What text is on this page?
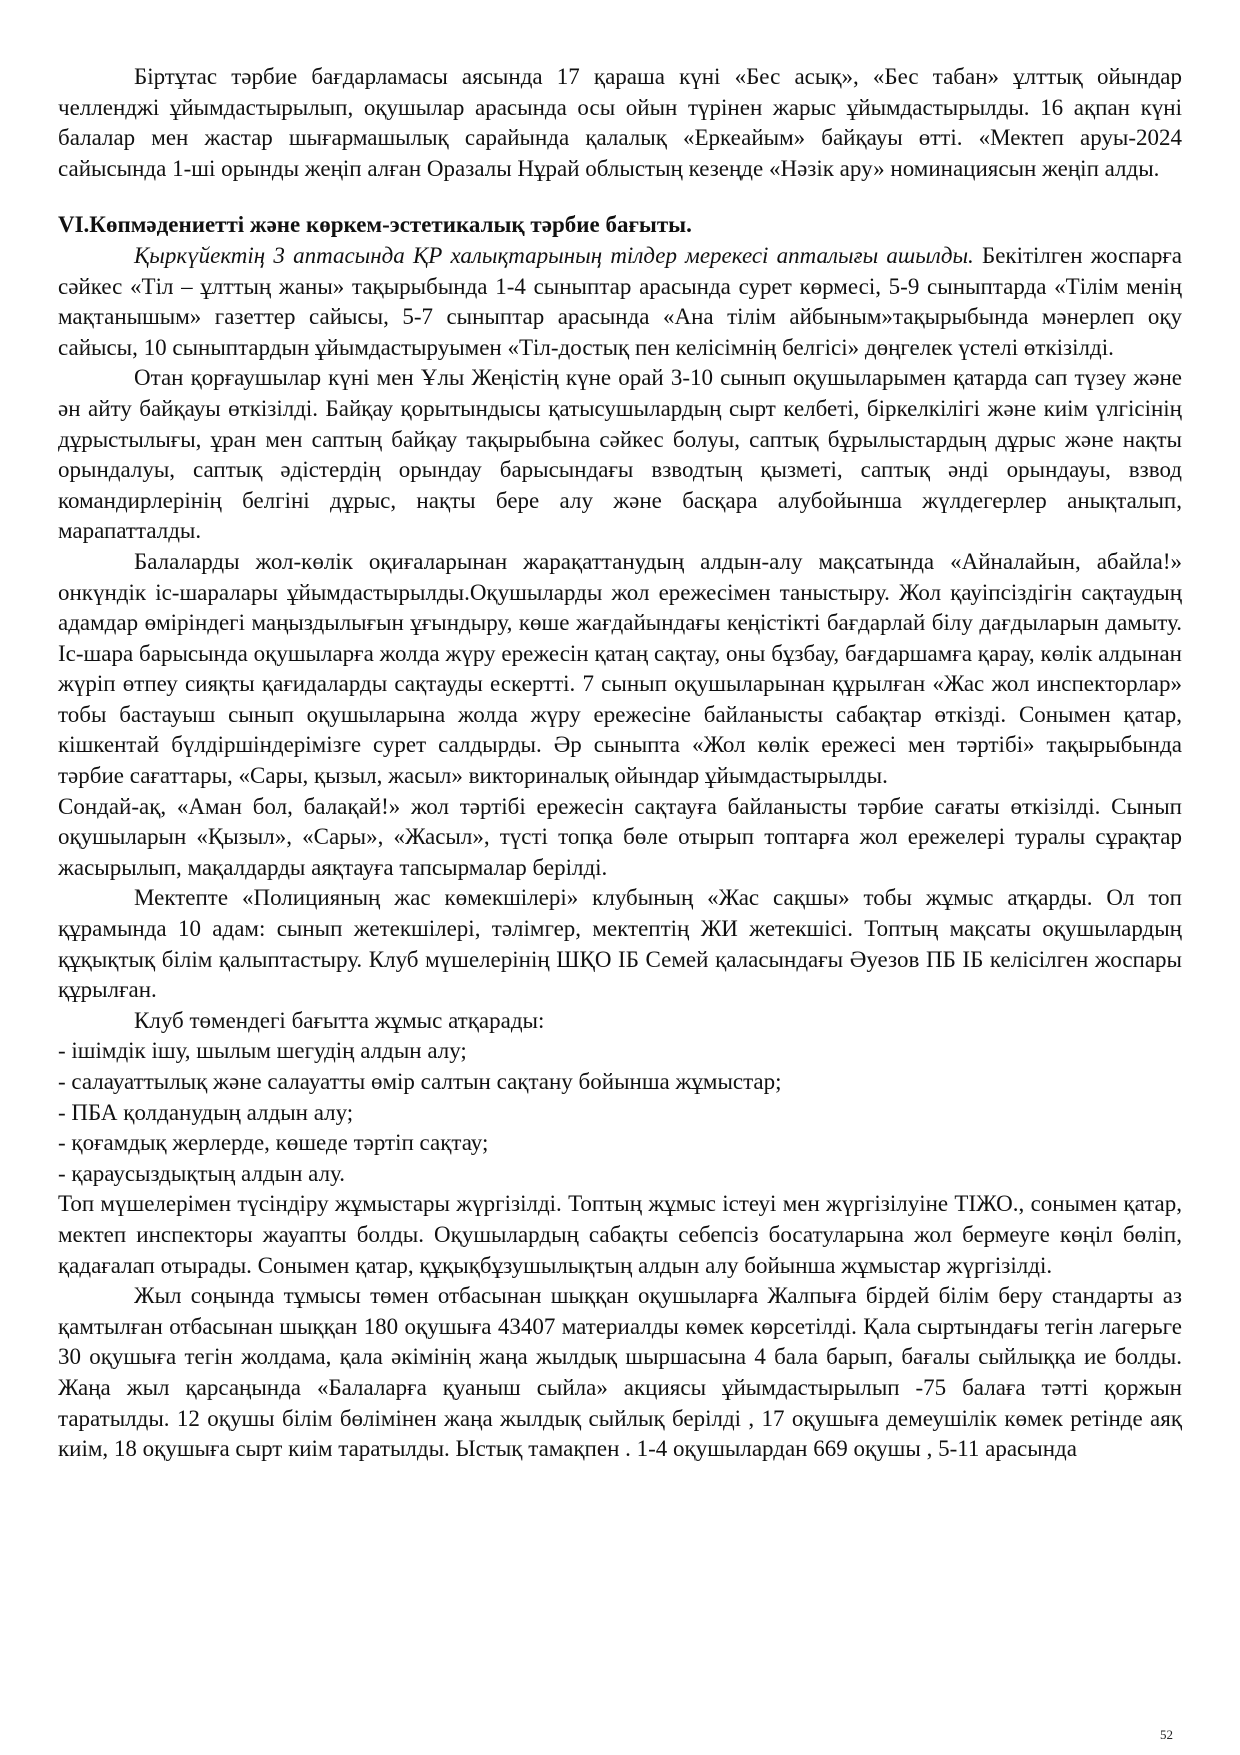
Біртұтас тәрбие бағдарламасы аясында 17 қараша күні «Бес асық», «Бес табан» ұлттық ойындар челленджі ұйымдастырылып, оқушылар арасында осы ойын түрінен жарыс ұйымдастырылды. 16 ақпан күні балалар мен жастар шығармашылық сарайында қалалық «Еркеайым» байқауы өтті. «Мектеп аруы-2024 сайысында 1-ші орынды жеңіп алған Оразалы Нұрай облыстың кезеңде «Нәзік ару» номинациясын жеңіп алды.

VI.Көпмәдениетті және көркем-эстетикалық тәрбие бағыты.

Қыркүйектің 3 аптасында ҚР халықтарының тілдер мерекесі апталығы ашылды. Бекітілген жоспарға сәйкес «Тіл – ұлттың жаны» тақырыбында 1-4 сыныптар арасында сурет көрмесі, 5-9 сыныптарда «Тілім менің мақтанышым» газеттер сайысы, 5-7 сыныптар арасында «Ана тілім айбыным»тақырыбында мәнерлеп оқу сайысы, 10 сыныптардын ұйымдастыруымен «Тіл-достық пен келісімнің белгісі» дөңгелек үстелі өткізілді.

Отан қорғаушылар күні мен Ұлы Жеңістің күне орай 3-10 сынып оқушыларымен қатарда сап түзеу және ән айту байқауы өткізілді. Байқау қорытындысы қатысушылардың сырт келбеті, біркелкілігі және киім үлгісінің дұрыстылығы, ұран мен саптың байқау тақырыбына сәйкес болуы, саптық бұрылыстардың дұрыс және нақты орындалуы, саптық әдістердің орындау барысындағы взводтың қызметі, саптық әнді орындауы, взвод командирлерінің белгіні дұрыс, нақты бере алу және басқара алубойынша жүлдегерлер анықталып, марапатталды.

Балаларды жол-көлік оқиғаларынан жарақаттанудың алдын-алу мақсатында «Айналайын, абайла!» онкүндік іс-шаралары ұйымдастырылды.Оқушыларды жол ережесімен таныстыру. Жол қауіпсіздігін сақтаудың адамдар өміріндегі маңыздылығын ұғындыру, көше жағдайындағы кеңістікті бағдарлай білу дағдыларын дамыту. Іс-шара барысында оқушыларға жолда жүру ережесін қатаң сақтау, оны бұзбау, бағдаршамға қарау, көлік алдынан жүріп өтпеу сияқты қағидаларды сақтауды ескертті. 7 сынып оқушыларынан құрылған «Жас жол инспекторлар» тобы бастауыш сынып оқушыларына жолда жүру ережесіне байланысты сабақтар өткізді. Сонымен қатар, кішкентай бүлдіршіндерімізге сурет салдырды. Әр сыныпта «Жол көлік ережесі мен тәртібі» тақырыбында тәрбие сағаттары, «Сары, қызыл, жасыл» викториналық ойындар ұйымдастырылды.

Сондай-ақ, «Аман бол, балақай!» жол тәртібі ережесін сақтауға байланысты тәрбие сағаты өткізілді. Сынып оқушыларын «Қызыл», «Сары», «Жасыл», түсті топқа бөле отырып топтарға жол ережелері туралы сұрақтар жасырылып, мақалдарды аяқтауға тапсырмалар берілді.

Мектепте «Полицияның жас көмекшілері» клубының «Жас сақшы» тобы жұмыс атқарды. Ол топ құрамында 10 адам: сынып жетекшілері, тәлімгер, мектептің ЖИ жетекшісі. Топтың мақсаты оқушылардың құқықтық білім қалыптастыру. Клуб мүшелерінің ШҚО ІБ Семей қаласындағы Әуезов ПБ ІБ келісілген жоспары құрылған.

Клуб төмендегі бағытта жұмыс атқарады:

- ішімдік ішу, шылым шегудің алдын алу;

- салауаттылық және салауатты өмір салтын сақтану бойынша жұмыстар;

- ПБА қолданудың алдын алу;

- қоғамдық жерлерде, көшеде тәртіп сақтау;

- қараусыздықтың алдын алу.

Топ мүшелерімен түсіндіру жұмыстары жүргізілді. Топтың жұмыс істеуі мен жүргізілуіне ТІЖО., сонымен қатар, мектеп инспекторы жауапты болды. Оқушылардың сабақты себепсіз босатуларына жол бермеуге көңіл бөліп, қадағалап отырады. Сонымен қатар, құқықбұзушылықтың алдын алу бойынша жұмыстар жүргізілді.

Жыл соңында тұмысы төмен отбасынан шыққан оқушыларға Жалпыға бірдей білім беру стандарты аз қамтылған отбасынан шыққан 180 оқушыға 43407 материалды көмек көрсетілді. Қала сыртындағы тегін лагерьге 30 оқушыға тегін жолдама, қала әкімінің жаңа жылдық шыршасына 4 бала барып, бағалы сыйлыққа ие болды. Жаңа жыл қарсаңында «Балаларға қуаныш сыйла» акциясы ұйымдастырылып -75 балаға тәтті қоржын таратылды. 12 оқушы білім бөлімінен жаңа жылдық сыйлық берілді , 17 оқушыға демеушілік көмек ретінде аяқ киім, 18 оқушыға сырт киім таратылды. Ыстық тамақпен . 1-4 оқушылардан 669 оқушы , 5-11 арасында

52
